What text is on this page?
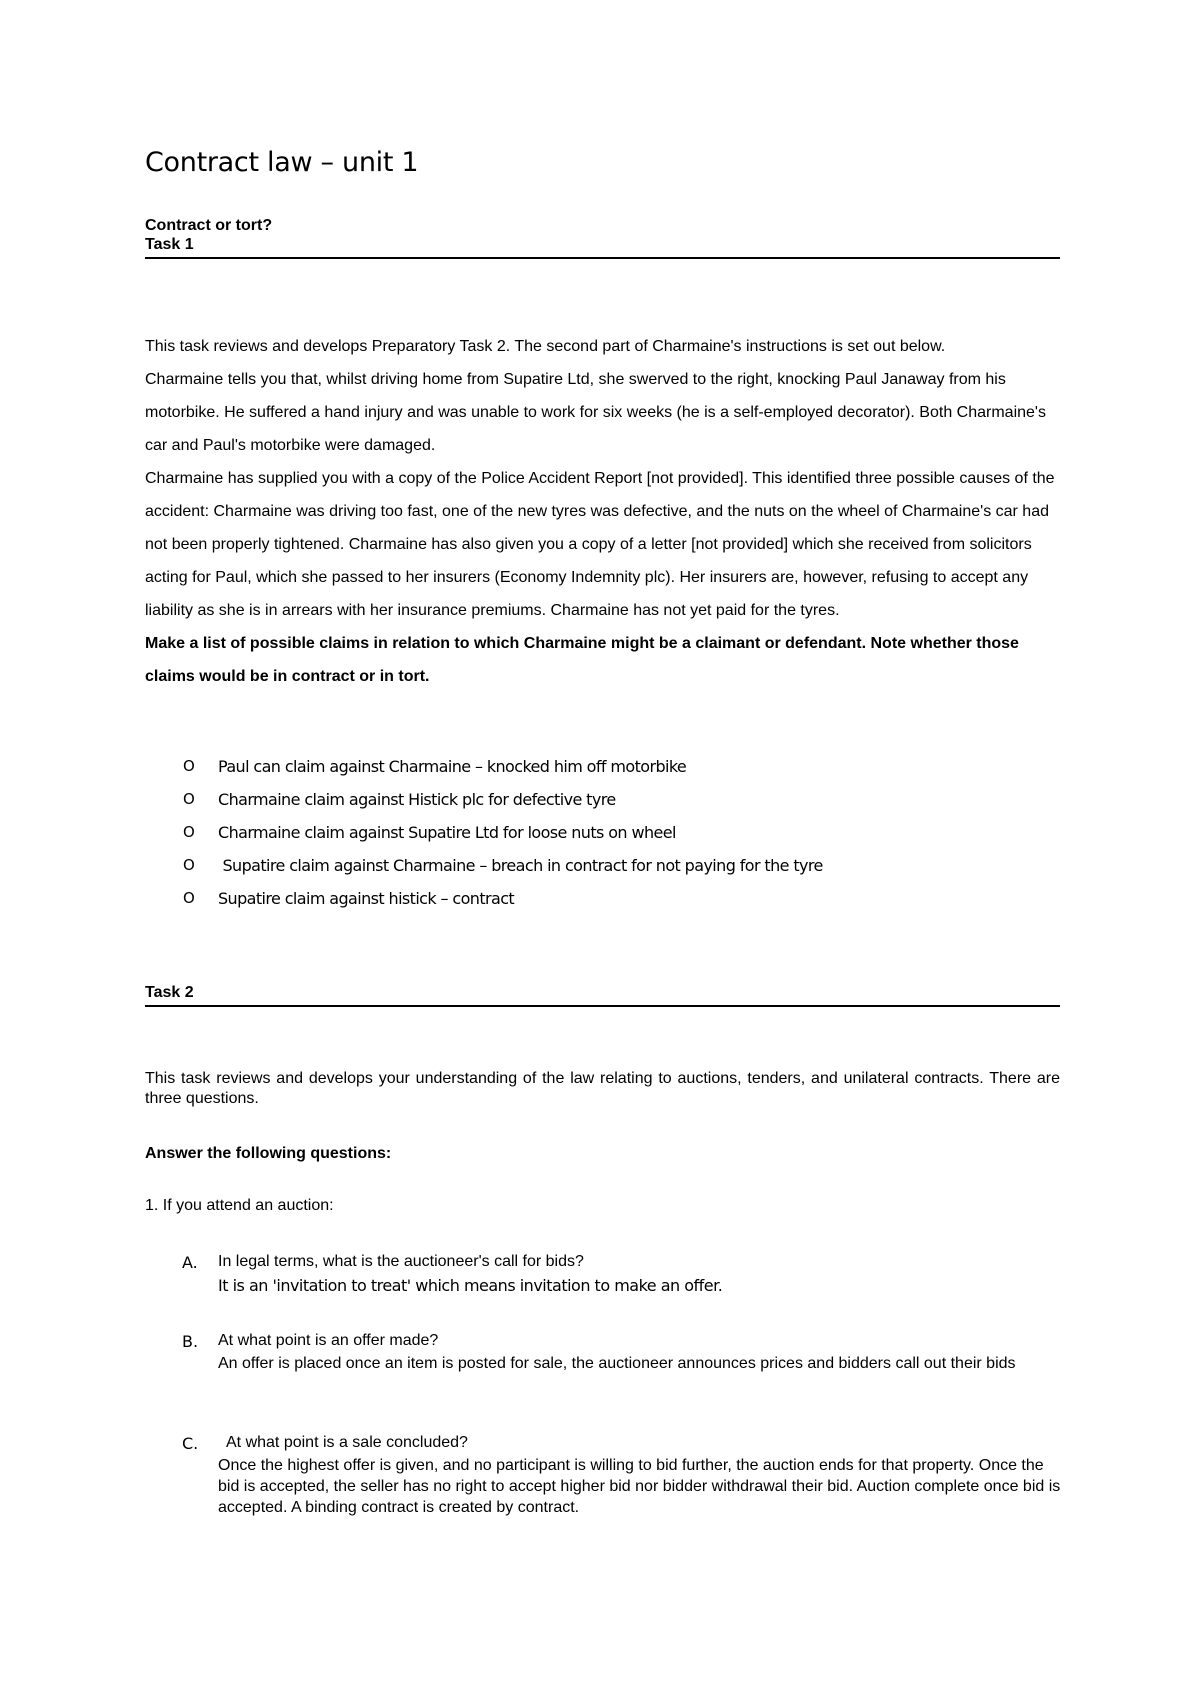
Contract law – unit 1
Contract or tort?
Task 1

This task reviews and develops Preparatory Task 2. The second part of Charmaine's instructions is set out below.

Charmaine tells you that, whilst driving home from Supatire Ltd, she swerved to the right, knocking Paul Janaway from his motorbike. He suffered a hand injury and was unable to work for six weeks (he is a self-employed decorator). Both Charmaine's car and Paul's motorbike were damaged.

Charmaine has supplied you with a copy of the Police Accident Report [not provided]. This identified three possible causes of the accident: Charmaine was driving too fast, one of the new tyres was defective, and the nuts on the wheel of Charmaine's car had not been properly tightened. Charmaine has also given you a copy of a letter [not provided] which she received from solicitors acting for Paul, which she passed to her insurers (Economy Indemnity plc). Her insurers are, however, refusing to accept any liability as she is in arrears with her insurance premiums. Charmaine has not yet paid for the tyres.

Make a list of possible claims in relation to which Charmaine might be a claimant or defendant. Note whether those claims would be in contract or in tort.

O Paul can claim against Charmaine – knocked him off motorbike
O Charmaine claim against Histick plc for defective tyre
O Charmaine claim against Supatire Ltd for loose nuts on wheel
O Supatire claim against Charmaine – breach in contract for not paying for the tyre
O Supatire claim against histick – contract
Task 2

This task reviews and develops your understanding of the law relating to auctions, tenders, and unilateral contracts. There are three questions.

Answer the following questions:

1. If you attend an auction:

A. In legal terms, what is the auctioneer's call for bids?
It is an 'invitation to treat' which means invitation to make an offer.
B. At what point is an offer made?
An offer is placed once an item is posted for sale, the auctioneer announces prices and bidders call out their bids
C. At what point is a sale concluded?
Once the highest offer is given, and no participant is willing to bid further, the auction ends for that property. Once the bid is accepted, the seller has no right to accept higher bid nor bidder withdrawal their bid. Auction complete once bid is accepted. A binding contract is created by contract.
